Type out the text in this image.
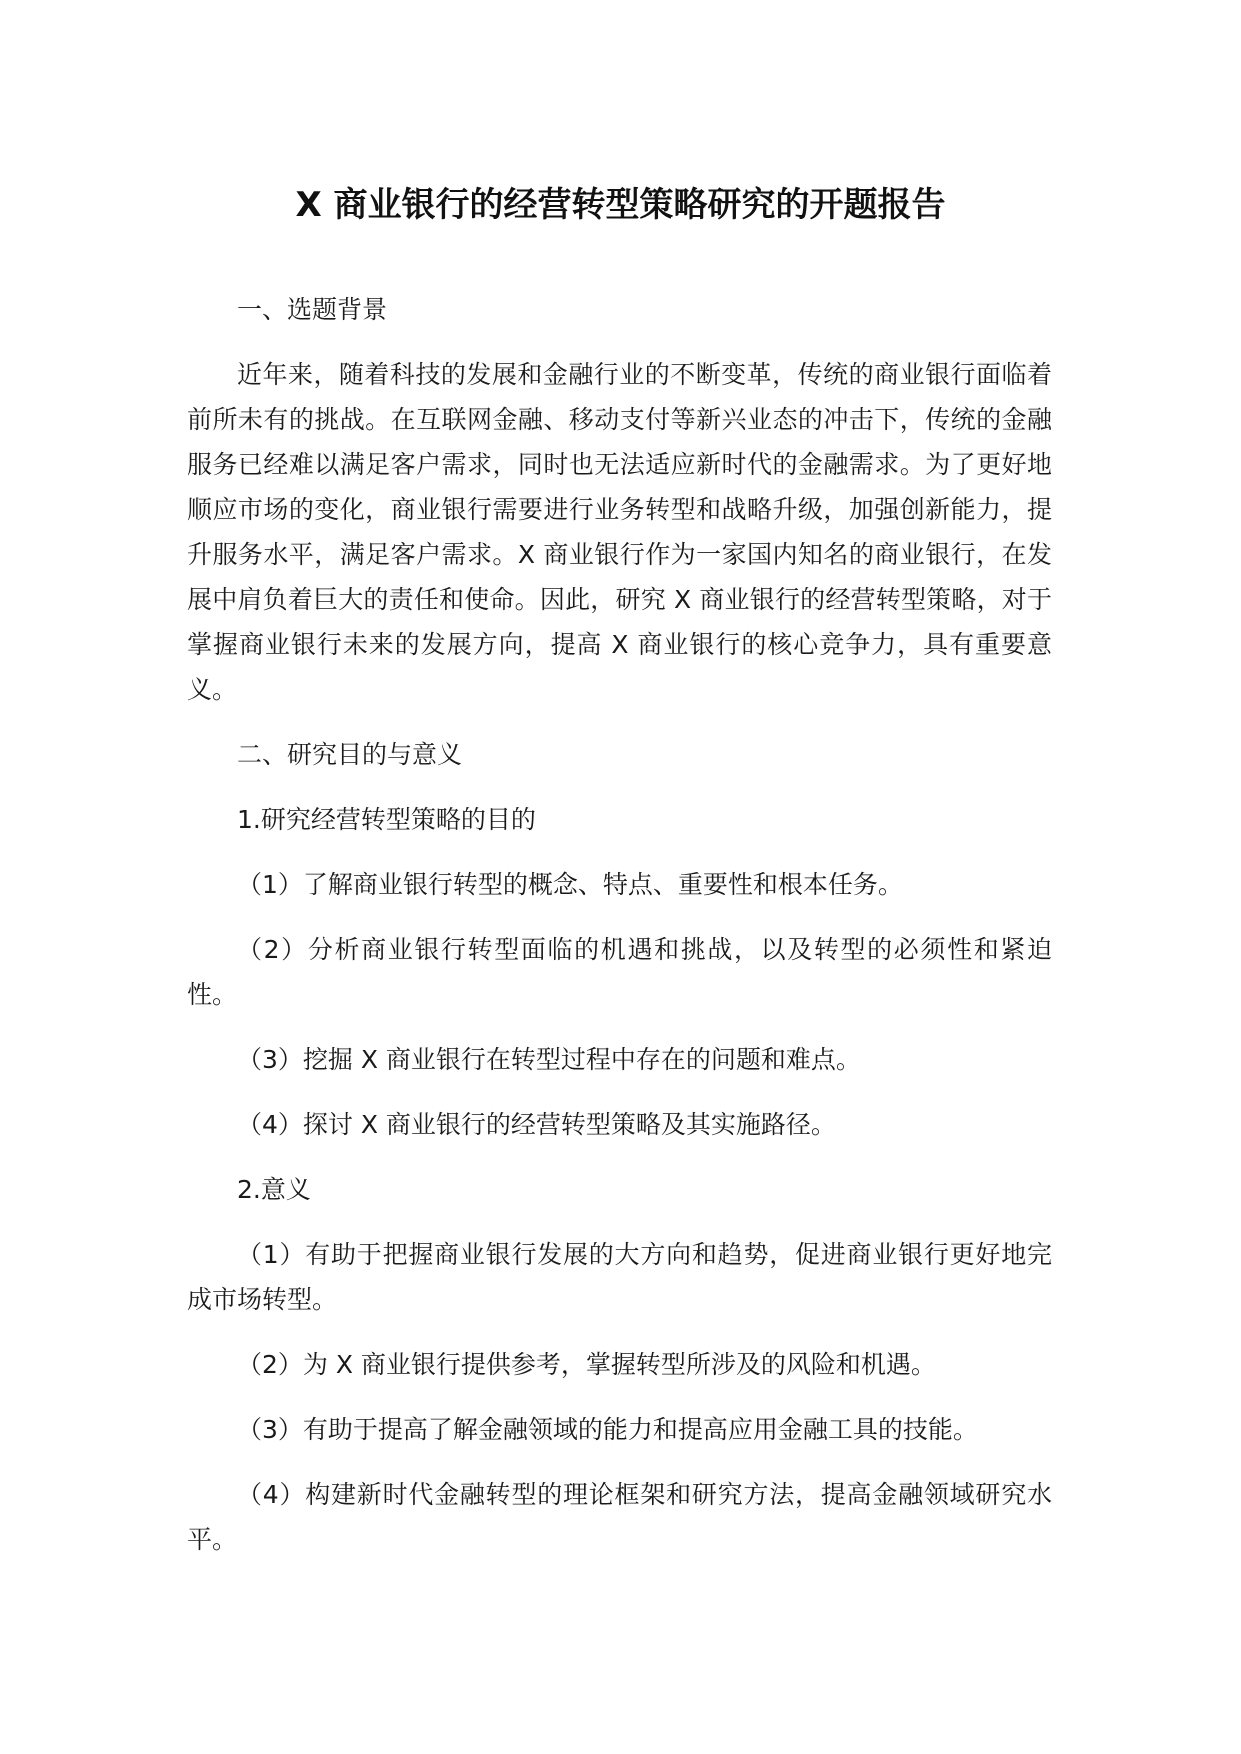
X 商业银行的经营转型策略研究的开题报告

一、选题背景

近年来，随着科技的发展和金融行业的不断变革，传统的商业银行面临着前所未有的挑战。在互联网金融、移动支付等新兴业态的冲击下，传统的金融服务已经难以满足客户需求，同时也无法适应新时代的金融需求。为了更好地顺应市场的变化，商业银行需要进行业务转型和战略升级，加强创新能力，提升服务水平，满足客户需求。X 商业银行作为一家国内知名的商业银行，在发展中肩负着巨大的责任和使命。因此，研究 X 商业银行的经营转型策略，对于掌握商业银行未来的发展方向，提高 X 商业银行的核心竞争力，具有重要意义。

二、研究目的与意义

1.研究经营转型策略的目的

（1）了解商业银行转型的概念、特点、重要性和根本任务。

（2）分析商业银行转型面临的机遇和挑战，以及转型的必须性和紧迫性。

（3）挖掘 X 商业银行在转型过程中存在的问题和难点。

（4）探讨 X 商业银行的经营转型策略及其实施路径。

2.意义

（1）有助于把握商业银行发展的大方向和趋势，促进商业银行更好地完成市场转型。

（2）为 X 商业银行提供参考，掌握转型所涉及的风险和机遇。

（3）有助于提高了解金融领域的能力和提高应用金融工具的技能。

（4）构建新时代金融转型的理论框架和研究方法，提高金融领域研究水平。
